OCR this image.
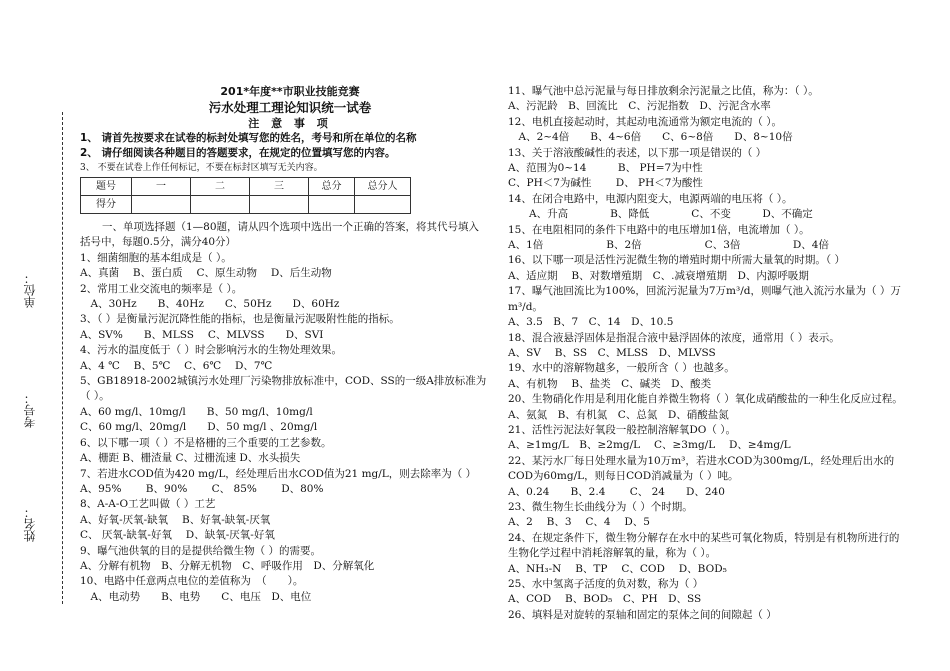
单位：
考号：
姓名：
201*年度**市职业技能竞赛
污水处理工理论知识统一试卷
注 意 事 项
1、 请首先按要求在试卷的标封处填写您的姓名，考号和所在单位的名称
2、 请仔细阅读各种题目的答题要求，在规定的位置填写您的内容。
3、 不要在试卷上作任何标记，不要在标封区填写无关内容。
题号	一	二	三	总分	总分人
得分					

一、单项选择题（1—80题，请从四个选项中选出一个正确的答案，将其代号填入

括号中，每题0.5分，满分40分）

1、细菌细胞的基本组成是（ ）。

A、真菌　 B、蛋白质　 C、原生动物　 D、后生动物

2、常用工业交流电的频率是（ ）。

　A、30Hz　　B、40Hz　　C、50Hz　　D、60Hz

3、（ ）是衡量污泥沉降性能的指标，也是衡量污泥吸附性能的指标。

A、SV%　　B、MLSS　 C、MLVSS　　D、SVI

4、污水的温度低于（ ）时会影响污水的生物处理效果。

A、4 ℃　 B、5℃　 C、6℃　 D、7℃

5、GB18918-2002城镇污水处理厂污染物排放标准中，COD、SS的一级A排放标准为

（ ）。

A、60 mg/l、10mg/l　　B、50 mg/l、10mg/l

C、60 mg/l、20mg/l　　D、50 mg/l 、20mg/l

6、以下哪一项（ ）不是格栅的三个重要的工艺参数。

A、栅距 B、栅渣量 C、过栅流速 D、水头损失

7、若进水COD值为420 mg/L，经处理后出水COD值为21 mg/L，则去除率为（ ）

A、95%　　 B、90%　　 C、 85%　　 D、80%

8、A-A-O工艺叫做（ ）工艺

A、好氧-厌氧-缺氧　 B、好氧-缺氧-厌氧

C、 厌氧-缺氧-好氧　 D、缺氧-厌氧-好氧

9、曝气池供氧的目的是提供给微生物（ ）的需要。

A、分解有机物　B、分解无机物　C、呼吸作用　D、分解氧化

10、电路中任意两点电位的差值称为　（　　）。

　A、电动势　　B、电势　　C、电压　D、电位

11、曝气池中总污泥量与每日排放剩余污泥量之比值，称为：（ ）。

A、污泥龄　B、回流比　C、污泥指数　D、污泥含水率

12、电机直接起动时，其起动电流通常为额定电流的（ ）。

　A、2~4倍　　B、4~6倍　　C、6~8倍　　D、8~10倍

13、关于溶液酸碱性的表述，以下那一项是错误的（ ）

A、范围为0~14　　　B、 PH=7为中性

C、PH＜7为碱性　　 D、 PH＜7为酸性

14、在闭合电路中，电源内阻变大，电源两端的电压将（ ）。

　　A、升高　　　　B、降低　　　　C、不变　　　D、不确定

15、在电阻相同的条件下电路中的电压增加1倍，电流增加（ ）。

A、1倍　　　　　　B、2倍　　　　　　C、3倍　　　　　D、4倍

16、以下哪一项是活性污泥微生物的增殖时期中所需大量氧的时期。（ ）

A、适应期　 B、对数增殖期　C、.减衰增殖期　D、内源呼吸期

17、曝气池回流比为100%，回流污泥量为7万m³/d，则曝气池入流污水量为（ ）万

m³/d。

A、3.5　B、7　C、14　D、10.5

18、混合液悬浮固体是指混合液中悬浮固体的浓度，通常用（ ）表示。

A、SV　 B、SS　C、MLSS　D、MLVSS

19、水中的溶解物越多，一般所含（ ）也越多。

A、有机物　 B、盐类　C、碱类　D、酸类

20、生物硝化作用是利用化能自养微生物将（ ）氧化成硝酸盐的一种生化反应过程。

A、氨氮　B、有机氮　C、总氮　D、硝酸盐氮

21、活性污泥法好氧段一般控制溶解氧DO（ ）。

A、≥1mg/L　B、≥2mg/L　 C、≥3mg/L　 D、≥4mg/L

22、某污水厂每日处理水量为10万m³，若进水COD为300mg/L，经处理后出水的

COD为60mg/L，则每日COD消减量为（ ）吨。

A、0.24　　B、2.4　　 C、 24　　D、240

23、微生物生长曲线分为（ ）个时期。

A、2　 B、3　 C、4　 D、5

24、在规定条件下，微生物分解存在水中的某些可氧化物质，特别是有机物所进行的

生物化学过程中消耗溶解氧的量，称为（ ）。

A、NH₃-N　 B、TP　 C、COD　 D、BOD₅

25、水中氢离子活度的负对数，称为（ ）

A、COD　 B、BOD₅　C、PH　D、SS

26、填料是对旋转的泵轴和固定的泵体之间的间隙起（ ）
